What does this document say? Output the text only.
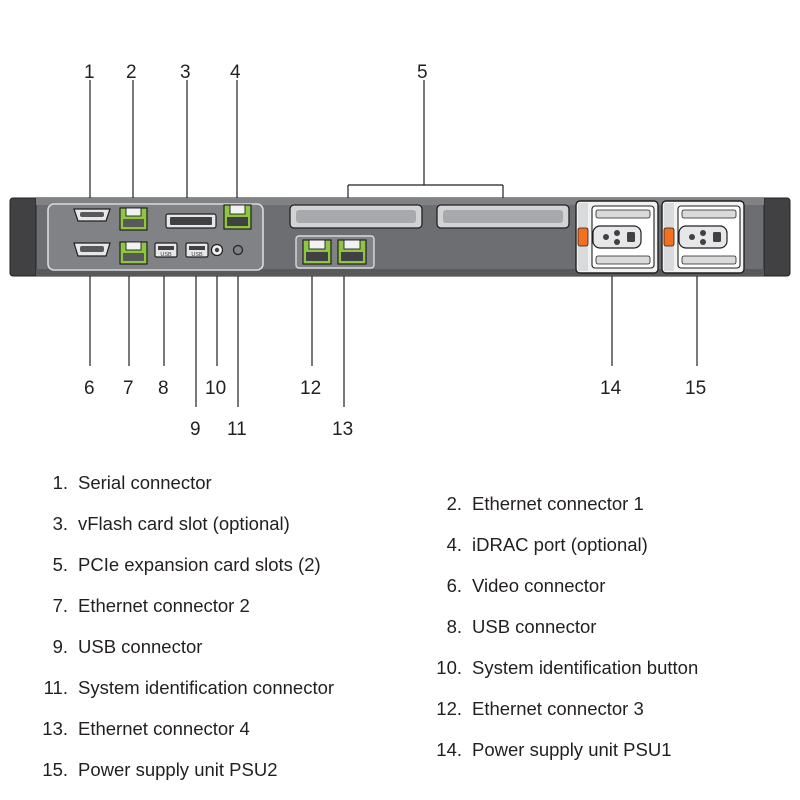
USB	USB
1 2 3 4	5
6 7 8
9
10
11
12
13
14	15
1. Serial connector
3. vFlash card slot (optional)
5. PCIe expansion card slots (2)
7. Ethernet connector 2
9. USB connector
11. System identification connector
13. Ethernet connector 4
15. Power supply unit PSU2
2. Ethernet connector 1
4. iDRAC port (optional)
6. Video connector
8. USB connector
10. System identification button
12. Ethernet connector 3
14. Power supply unit PSU1
